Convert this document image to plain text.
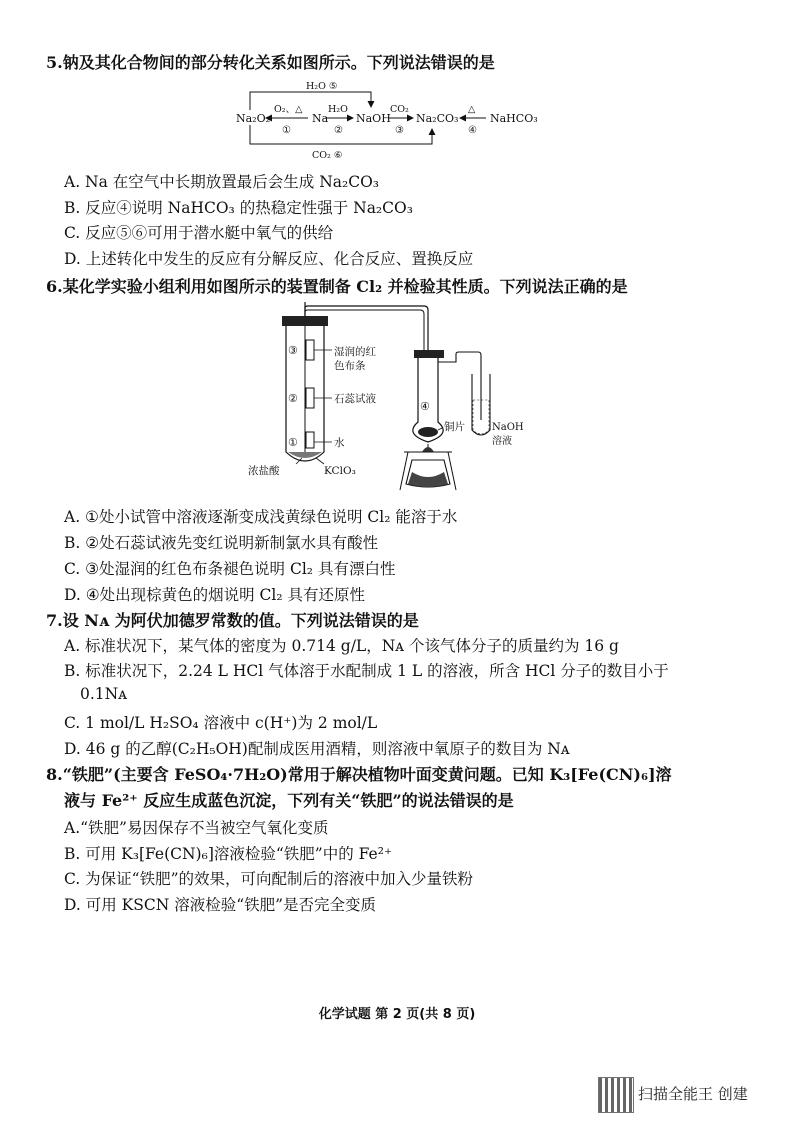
5.钠及其化合物间的部分转化关系如图所示。下列说法错误的是
Na₂O₂	Na	NaOH Na₂CO₃	NaHCO₃
O₂、△
①
H₂O
②
CO₂
③
△
④
H₂O ⑤
CO₂ ⑥
A. Na 在空气中长期放置最后会生成 Na₂CO₃
B. 反应④说明 NaHCO₃ 的热稳定性强于 Na₂CO₃
C. 反应⑤⑥可用于潜水艇中氧气的供给
D. 上述转化中发生的反应有分解反应、化合反应、置换反应
6.某化学实验小组利用如图所示的装置制备 Cl₂ 并检验其性质。下列说法正确的是
③
②
①
湿润的红
色布条
石蕊试液
水
浓盐酸	KClO₃
④
铜片	NaOH
溶液
A. ①处小试管中溶液逐渐变成浅黄绿色说明 Cl₂ 能溶于水
B. ②处石蕊试液先变红说明新制氯水具有酸性
C. ③处湿润的红色布条褪色说明 Cl₂ 具有漂白性
D. ④处出现棕黄色的烟说明 Cl₂ 具有还原性
7.设 Nᴀ 为阿伏加德罗常数的值。下列说法错误的是
A. 标准状况下，某气体的密度为 0.714 g/L，Nᴀ 个该气体分子的质量约为 16 g
B. 标准状况下，2.24 L HCl 气体溶于水配制成 1 L 的溶液，所含 HCl 分子的数目小于
0.1Nᴀ
C. 1 mol/L H₂SO₄ 溶液中 c(H⁺)为 2 mol/L
D. 46 g 的乙醇(C₂H₅OH)配制成医用酒精，则溶液中氧原子的数目为 Nᴀ
8.“铁肥”(主要含 FeSO₄·7H₂O)常用于解决植物叶面变黄问题。已知 K₃[Fe(CN)₆]溶
液与 Fe²⁺ 反应生成蓝色沉淀，下列有关“铁肥”的说法错误的是
A.“铁肥”易因保存不当被空气氧化变质
B. 可用 K₃[Fe(CN)₆]溶液检验“铁肥”中的 Fe²⁺
C. 为保证“铁肥”的效果，可向配制后的溶液中加入少量铁粉
D. 可用 KSCN 溶液检验“铁肥”是否完全变质
化学试题 第 2 页(共 8 页)
扫描全能王 创建
